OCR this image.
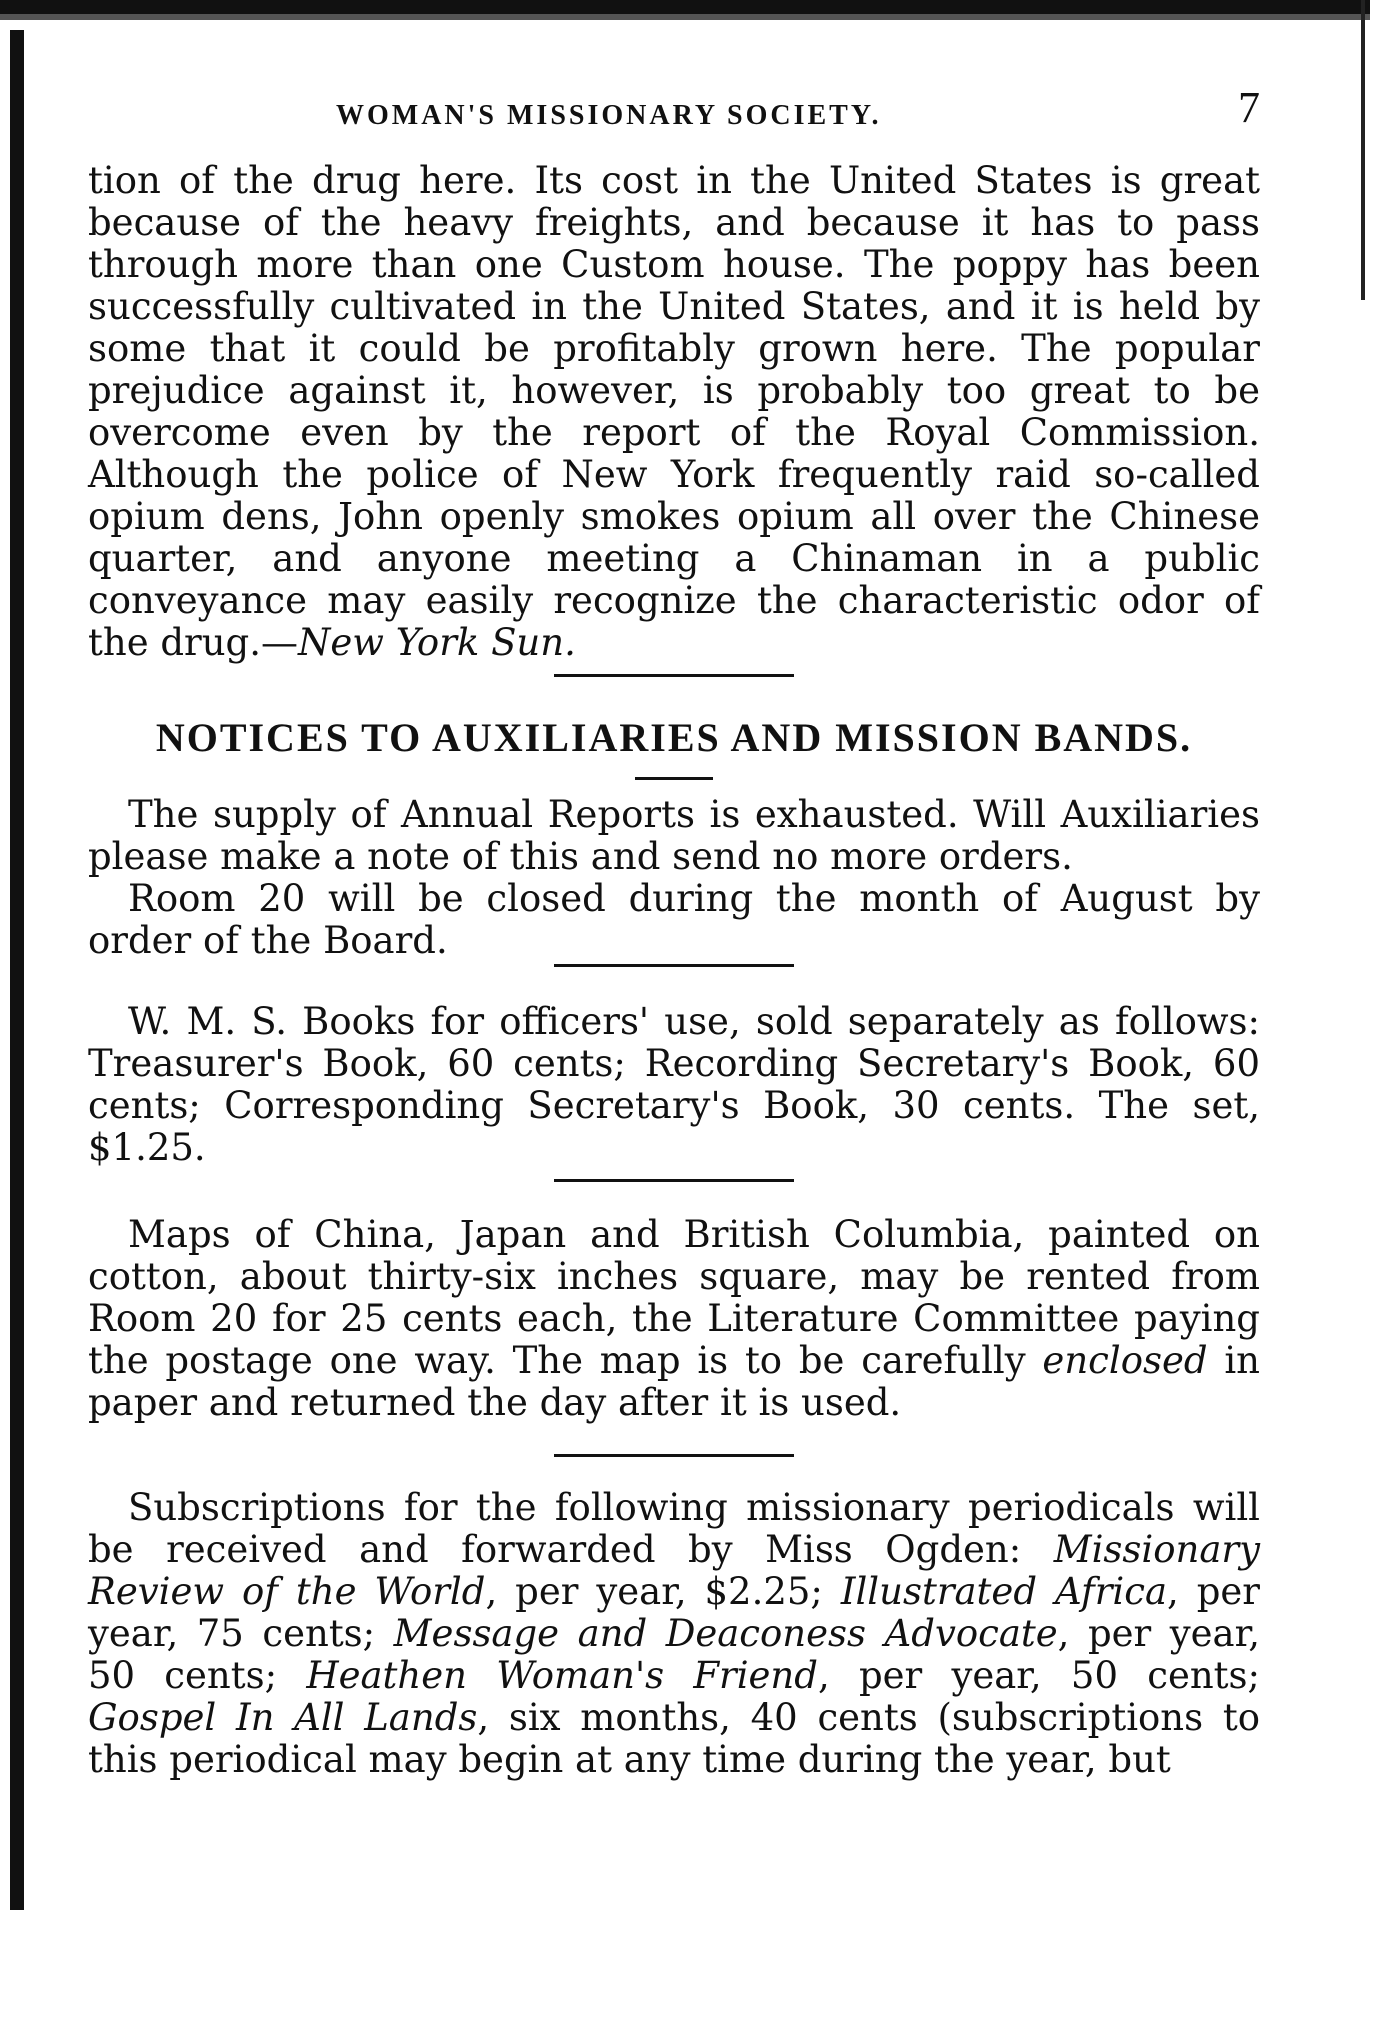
WOMAN'S MISSIONARY SOCIETY.	7

tion of the drug here. Its cost in the United States is great because of the heavy freights, and because it has to pass through more than one Custom house. The poppy has been successfully cultivated in the United States, and it is held by some that it could be profitably grown here. The popular prejudice against it, however, is probably too great to be overcome even by the report of the Royal Commission. Although the police of New York frequently raid so-called opium dens, John openly smokes opium all over the Chinese quarter, and anyone meeting a Chinaman in a public conveyance may easily recognize the characteristic odor of the drug.—New York Sun.

NOTICES TO AUXILIARIES AND MISSION BANDS.

The supply of Annual Reports is exhausted. Will Auxiliaries please make a note of this and send no more orders.

Room 20 will be closed during the month of August by order of the Board.

W. M. S. Books for officers' use, sold separately as follows: Treasurer's Book, 60 cents; Recording Secretary's Book, 60 cents; Corresponding Secretary's Book, 30 cents. The set, $1.25.

Maps of China, Japan and British Columbia, painted on cotton, about thirty-six inches square, may be rented from Room 20 for 25 cents each, the Literature Committee paying the postage one way. The map is to be carefully enclosed in paper and returned the day after it is used.

Subscriptions for the following missionary periodicals will be received and forwarded by Miss Ogden: Missionary Review of the World, per year, $2.25; Illustrated Africa, per year, 75 cents; Message and Deaconess Advocate, per year, 50 cents; Heathen Woman's Friend, per year, 50 cents; Gospel In All Lands, six months, 40 cents (subscriptions to this periodical may begin at any time during the year, but
